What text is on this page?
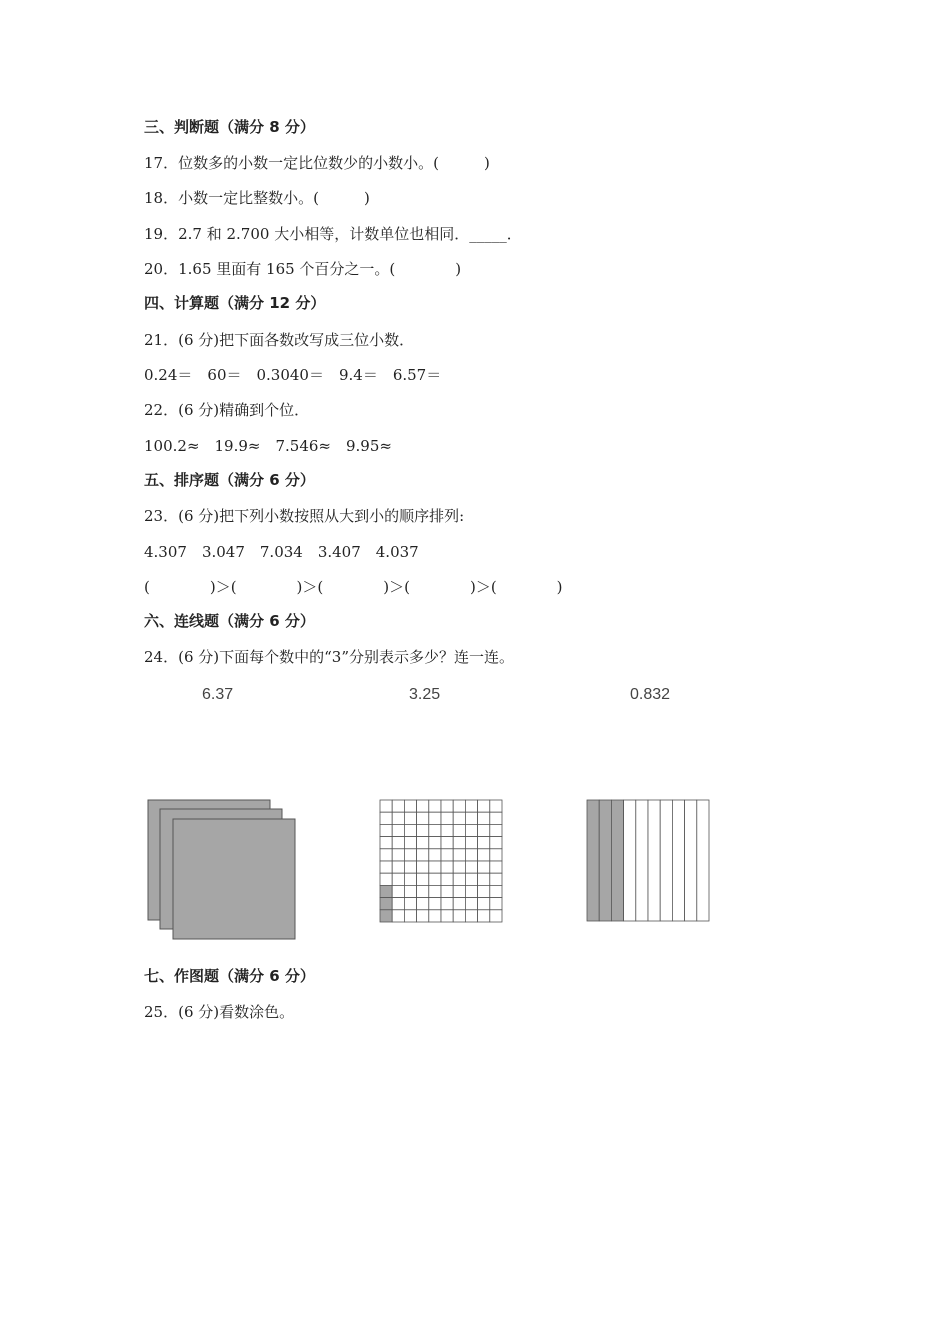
三、判断题（满分 8 分）
17．位数多的小数一定比位数少的小数小。(　　　)
18．小数一定比整数小。(　　　)
19．2.7 和 2.700 大小相等，计数单位也相同．_____．
20．1.65 里面有 165 个百分之一。(　　　　)
四、计算题（满分 12 分）
21．(6 分)把下面各数改写成三位小数．
0.24＝　60＝　0.3040＝　9.4＝　6.57＝
22．(6 分)精确到个位．
100.2≈　19.9≈　7.546≈　9.95≈
五、排序题（满分 6 分）
23．(6 分)把下列小数按照从大到小的顺序排列:
4.307　3.047　7.034　3.407　4.037
(　　　　)＞(　　　　)＞(　　　　)＞(　　　　)＞(　　　　)
六、连线题（满分 6 分）
24．(6 分)下面每个数中的“3”分别表示多少？连一连。
6.37	3.25	0.832
七、作图题（满分 6 分）
25．(6 分)看数涂色。
